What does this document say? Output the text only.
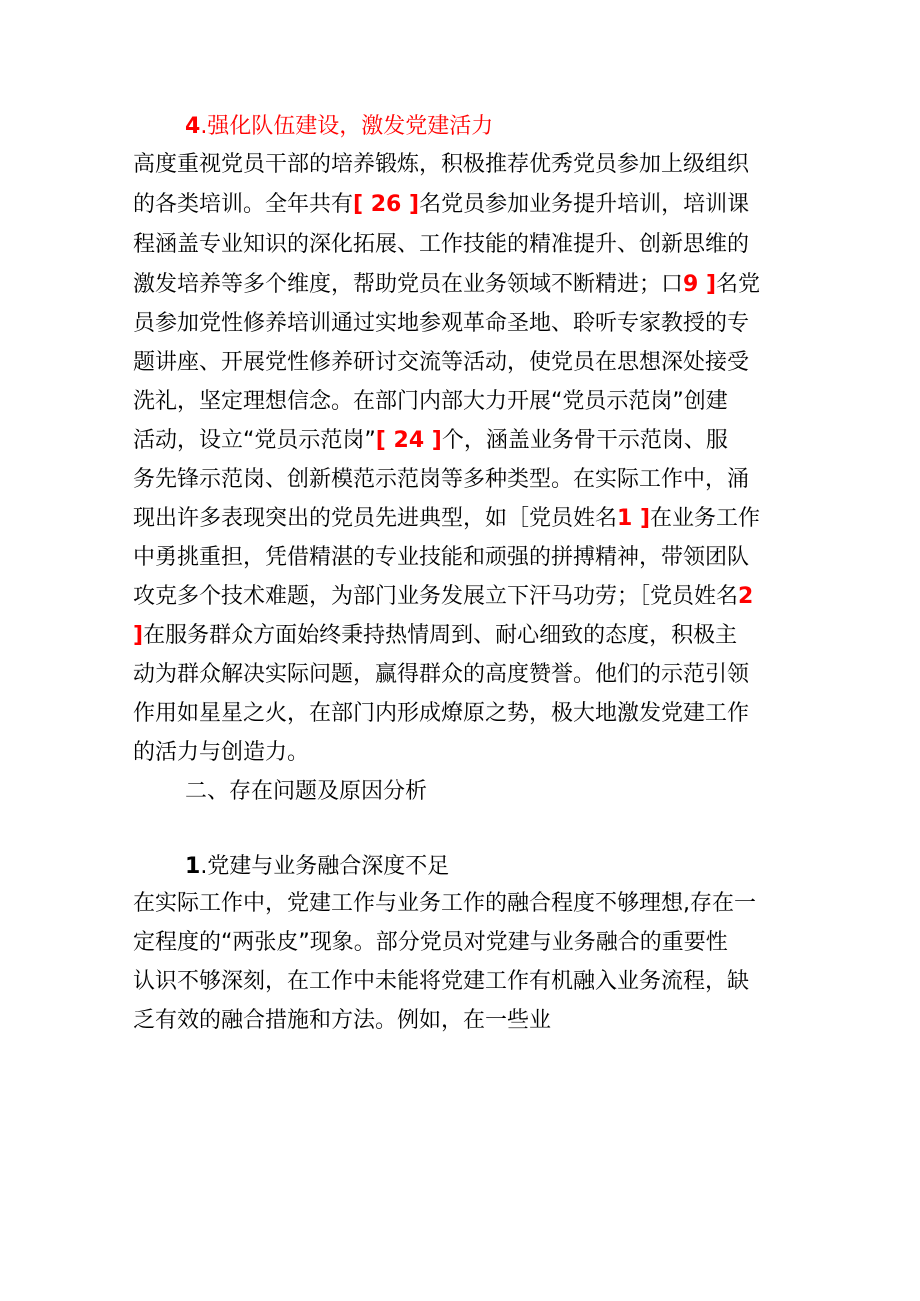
4.强化队伍建设，激发党建活力
高度重视党员干部的培养锻炼，积极推荐优秀党员参加上级组织
的各类培训。全年共有[ 26 ]名党员参加业务提升培训，培训课
程涵盖专业知识的深化拓展、工作技能的精准提升、创新思维的
激发培养等多个维度，帮助党员在业务领域不断精进；口9 ]名党
员参加党性修养培训通过实地参观革命圣地、聆听专家教授的专
题讲座、开展党性修养研讨交流等活动，使党员在思想深处接受
洗礼，坚定理想信念。在部门内部大力开展“党员示范岗”创建
活动，设立“党员示范岗”[ 24 ]个，涵盖业务骨干示范岗、服
务先锋示范岗、创新模范示范岗等多种类型。在实际工作中，涌
现出许多表现突出的党员先进典型，如［党员姓名1 ]在业务工作
中勇挑重担，凭借精湛的专业技能和顽强的拼搏精神，带领团队
攻克多个技术难题，为部门业务发展立下汗马功劳；［党员姓名2
]在服务群众方面始终秉持热情周到、耐心细致的态度，积极主
动为群众解决实际问题，赢得群众的高度赞誉。他们的示范引领
作用如星星之火，在部门内形成燎原之势，极大地激发党建工作
的活力与创造力。
二、存在问题及原因分析
1.党建与业务融合深度不足
在实际工作中，党建工作与业务工作的融合程度不够理想,存在一
定程度的“两张皮”现象。部分党员对党建与业务融合的重要性
认识不够深刻，在工作中未能将党建工作有机融入业务流程，缺
乏有效的融合措施和方法。例如，在一些业
